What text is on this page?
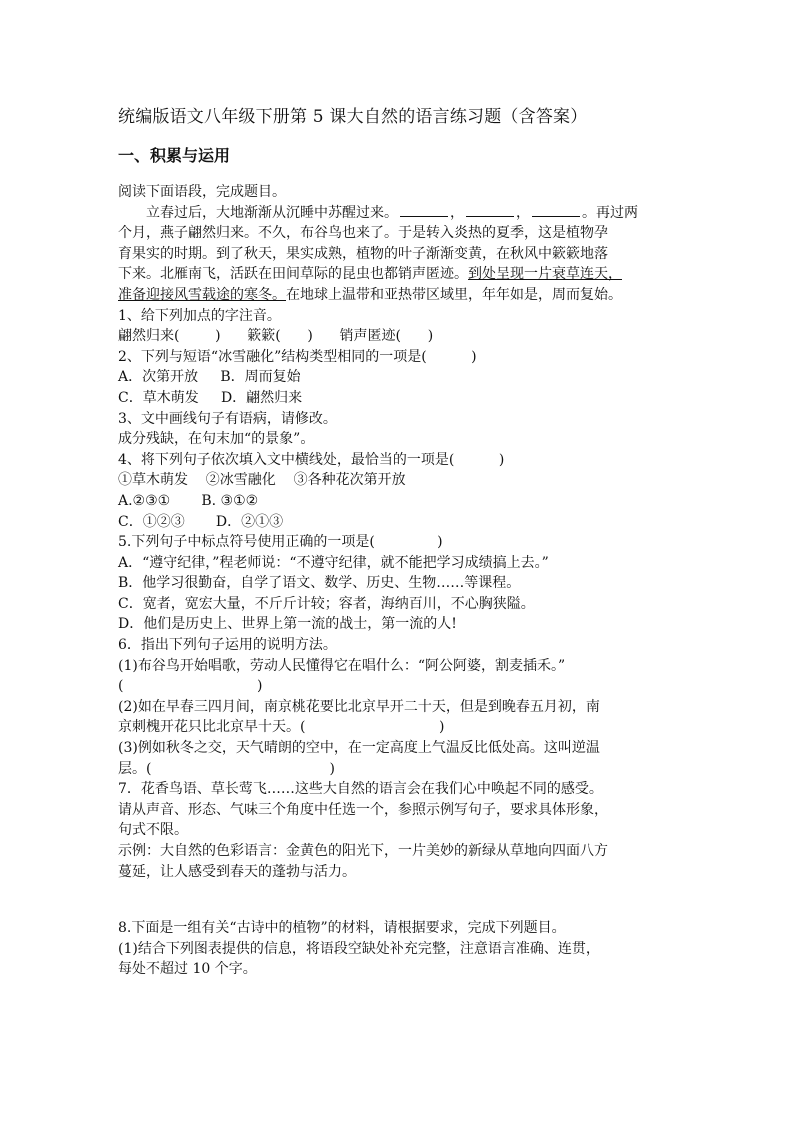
统编版语文八年级下册第 5 课大自然的语言练习题（含答案）
一、积累与运用
阅读下面语段，完成题目。
立春过后，大地渐渐从沉睡中苏醒过来。	，	，	。再过两
个月，燕子翩然归来。不久，布谷鸟也来了。于是转入炎热的夏季，这是植物孕
育果实的时期。到了秋天，果实成熟，植物的叶子渐渐变黄，在秋风中簌簌地落
下来。北雁南飞，活跃在田间草际的昆虫也都销声匿迹。到处呈现一片衰草连天，
准备迎接风雪载途的寒冬。在地球上温带和亚热带区域里，年年如是，周而复始。
1、给下列加点的字注音。
翩然归来(        )      簌簌(      )      销声匿迹(      )
2、下列与短语“冰雪融化”结构类型相同的一项是(          )
A．次第开放     B．周而复始
C．草木萌发     D．翩然归来
3、文中画线句子有语病，请修改。
成分残缺，在句末加“的景象”。
4、将下列句子依次填入文中横线处，最恰当的一项是(          )
①草木萌发    ②冰雪融化    ③各种花次第开放
A.②③①       B. ③①②
C．①②③       D．②①③
5.下列句子中标点符号使用正确的一项是(              )
A．“遵守纪律，”程老师说：“不遵守纪律，就不能把学习成绩搞上去。”
B．他学习很勤奋，自学了语文、数学、历史、生物……等课程。
C．宽者，宽宏大量，不斤斤计较；容者，海纳百川，不心胸狭隘。
D．他们是历史上、世界上第一流的战士，第一流的人!
6．指出下列句子运用的说明方法。
(1)布谷鸟开始唱歌，劳动人民懂得它在唱什么：“阿公阿婆，割麦插禾。”
(                              )
(2)如在早春三四月间，南京桃花要比北京早开二十天，但是到晚春五月初，南
京刺槐开花只比北京早十天。(                              )
(3)例如秋冬之交，天气晴朗的空中，在一定高度上气温反比低处高。这叫逆温
层。(                                        )
7．花香鸟语、草长莺飞……这些大自然的语言会在我们心中唤起不同的感受。
请从声音、形态、气味三个角度中任选一个，参照示例写句子，要求具体形象，
句式不限。
示例：大自然的色彩语言：金黄色的阳光下，一片美妙的新绿从草地向四面八方
蔓延，让人感受到春天的蓬勃与活力。
8.下面是一组有关“古诗中的植物”的材料，请根据要求，完成下列题目。
(1)结合下列图表提供的信息，将语段空缺处补充完整，注意语言准确、连贯，
每处不超过 10 个字。
